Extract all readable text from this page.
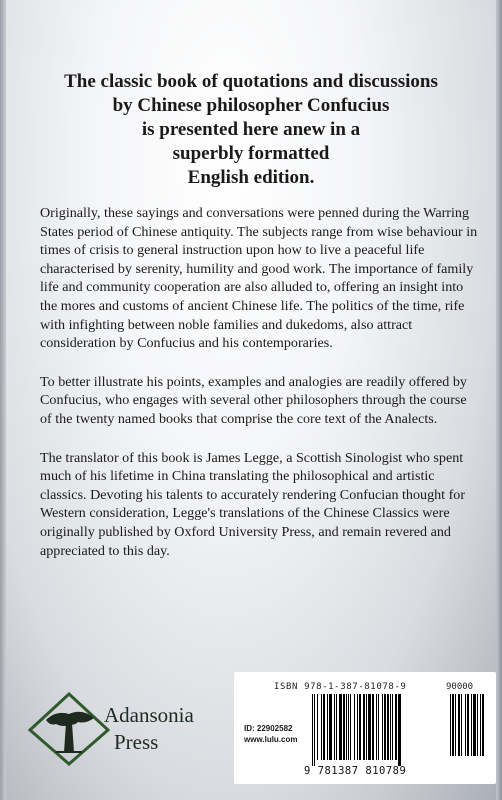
The classic book of quotations and discussions
by Chinese philosopher Confucius
is presented here anew in a
superbly formatted
English edition.

Originally, these sayings and conversations were penned during the Warring States period of Chinese antiquity. The subjects range from wise behaviour in times of crisis to general instruction upon how to live a peaceful life characterised by serenity, humility and good work. The importance of family life and community cooperation are also alluded to, offering an insight into the mores and customs of ancient Chinese life. The politics of the time, rife with infighting between noble families and dukedoms, also attract consideration by Confucius and his contemporaries.

To better illustrate his points, examples and analogies are readily offered by Confucius, who engages with several other philosophers through the course of the twenty named books that comprise the core text of the Analects.

The translator of this book is James Legge, a Scottish Sinologist who spent much of his lifetime in China translating the philosophical and artistic classics. Devoting his talents to accurately rendering Confucian thought for Western consideration, Legge's translations of the Chinese Classics were originally published by Oxford University Press, and remain revered and appreciated to this day.

Adansonia
Press
ISBN 978-1-387-81078-9	90000
ID: 22902582
www.lulu.com
9 781387 810789
